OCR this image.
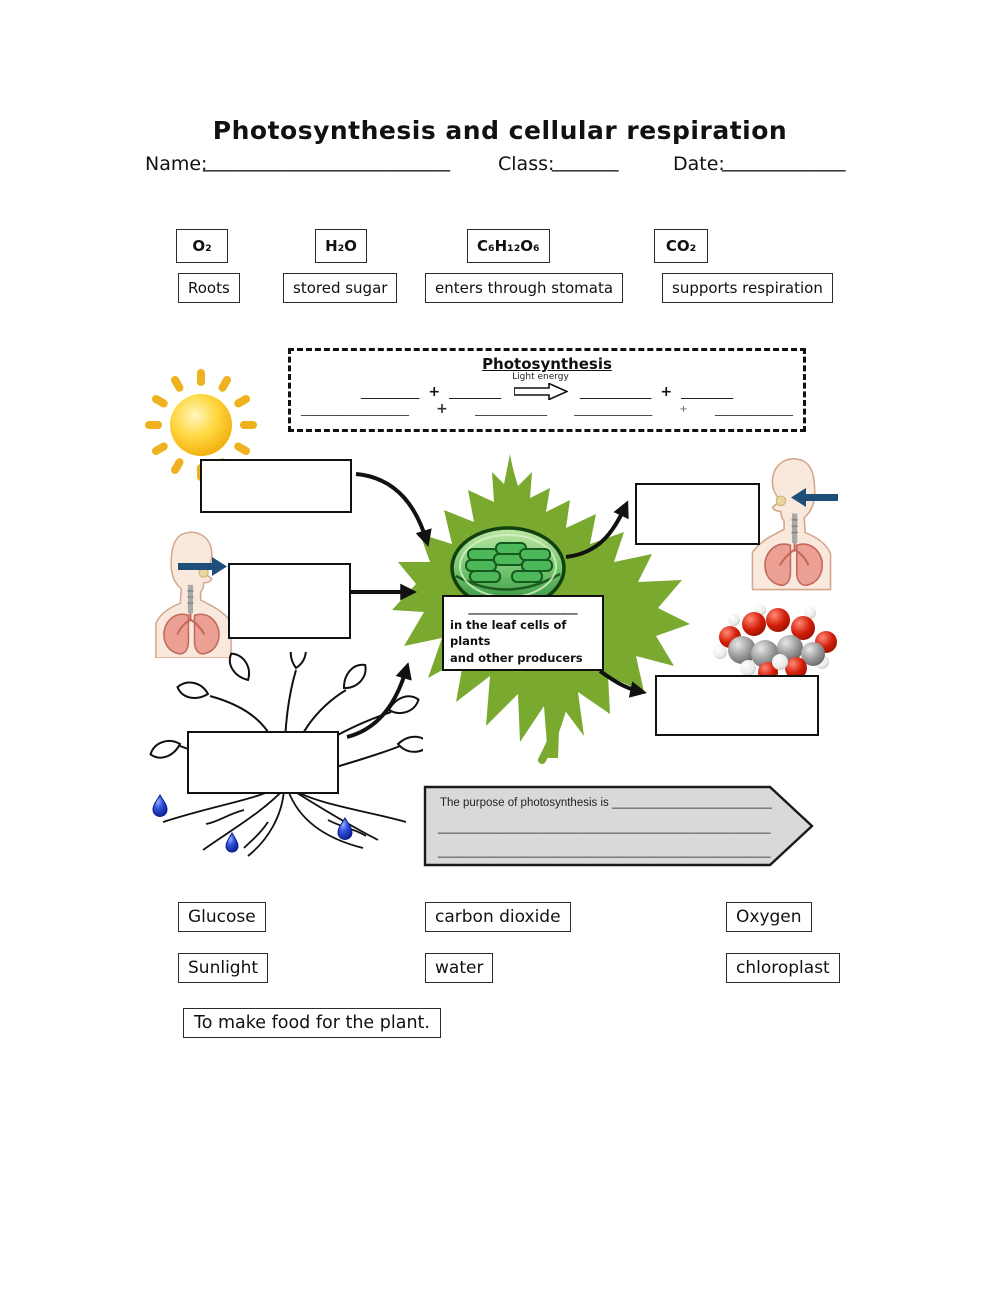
Photosynthesis and cellular respiration
Name:
__________________________	Class:
_______	Date:
_____________
O₂	H₂O	C₆H₁₂O₆	CO₂
Roots	stored sugar	enters through stomata	supports respiration
Photosynthesis
_________ + ________
Light energy
___________ + ________
__________________ + ____________ _____________	+ _____________
___________________
in the leaf cells of plants
and other producers
The purpose of photosynthesis is _________________________
____________________________________________________
____________________________________________________
Glucose	carbon dioxide	Oxygen
Sunlight	water	chloroplast
To make food for the plant.
